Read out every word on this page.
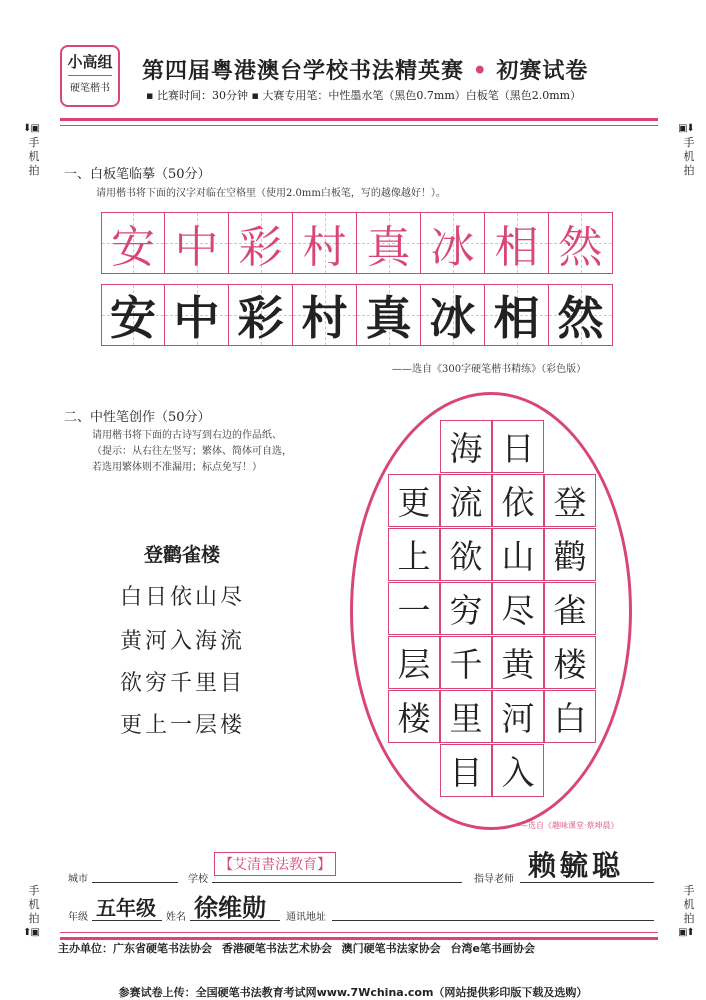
小高组
硬笔楷书
第四届粤港澳台学校书法精英赛 • 初赛试卷
▪ 比赛时间：30分钟 ▪ 大赛专用笔：中性墨水笔（黑色0.7mm）白板笔（黑色2.0mm）
⬇▣
手
机
拍
▣⬇
手
机
拍
手
机
拍
⬆▣
手
机
拍
▣⬆
一、白板笔临摹（50分）
请用楷书将下面的汉字对临在空格里（使用2.0mm白板笔，写的越像越好！）。
安 中 彩 村 真 冰 相 然
安 中 彩 村 真 冰 相 然
——选自《300字硬笔楷书精练》（彩色版）
二、中性笔创作（50分）
请用楷书将下面的古诗写到右边的作品纸、
（提示：从右往左竖写；繁体、简体可自选，
若选用繁体则不准漏用；标点免写！）
登鹳雀楼
白日依山尽
黄河入海流
欲穷千里目
更上一层楼
登
鹳
雀
楼
白
日
依
山
尽
黄
河
入
海
流
欲
穷
千
里
目
更
上
一
层
楼
——选自《趣味课堂·蔡坤晨》
城市	学校
【艾清書法教育】
指导老师 赖毓聪
年级 五年级 姓名 徐维勋 通讯地址
主办单位：广东省硬笔书法协会 香港硬笔书法艺术协会 澳门硬笔书法家协会 台湾e笔书画协会
参赛试卷上传：全国硬笔书法教育考试网www.7Wchina.com（网站提供彩印版下载及选购）
